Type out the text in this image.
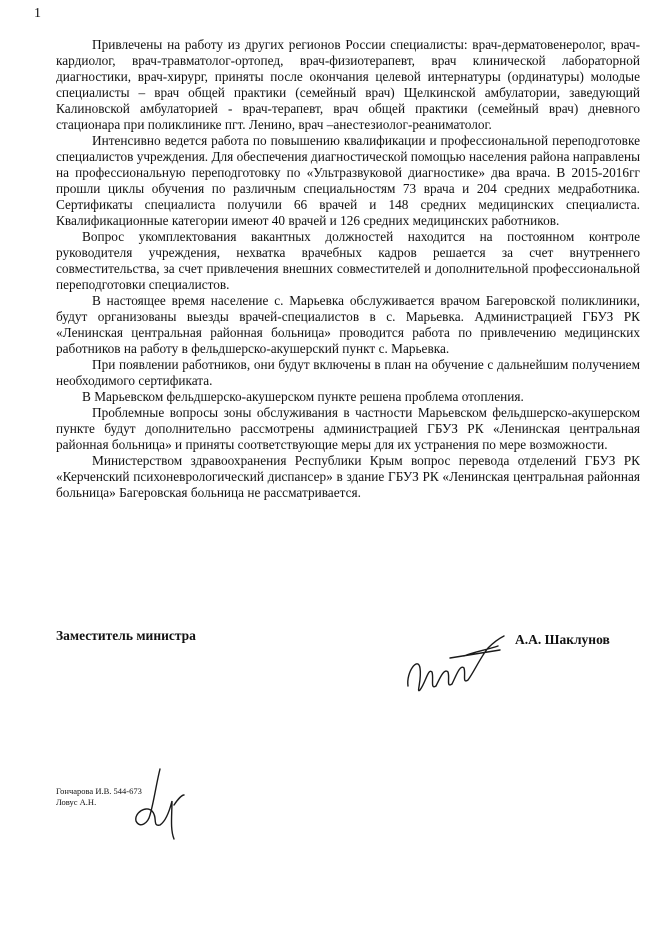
1

Привлечены на работу из других регионов России специалисты: врач-дерматовенеролог, врач-кардиолог, врач-травматолог-ортопед, врач-физиотерапевт, врач клинической лабораторной диагностики, врач-хирург, приняты после окончания целевой интернатуры (ординатуры) молодые специалисты – врач общей практики (семейный врач) Щелкинской амбулатории, заведующий Калиновской амбулаторией - врач-терапевт, врач общей практики (семейный врач) дневного стационара при поликлинике пгт. Ленино, врач –анестезиолог-реаниматолог.

Интенсивно ведется работа по повышению квалификации и профессиональной переподготовке специалистов учреждения. Для обеспечения диагностической помощью населения района направлены на профессиональную переподготовку по «Ультразвуковой диагностике» два врача. В 2015-2016гг прошли циклы обучения по различным специальностям 73 врача и 204 средних медработника. Сертификаты специалиста получили 66 врачей и 148 средних медицинских специалиста. Квалификационные категории имеют 40 врачей и 126 средних медицинских работников.

Вопрос укомплектования вакантных должностей находится на постоянном контроле руководителя учреждения, нехватка врачебных кадров решается за счет внутреннего совместительства, за счет привлечения внешних совместителей и дополнительной профессиональной переподготовки специалистов.

В настоящее время население с. Марьевка обслуживается врачом Багеровской поликлиники, будут организованы выезды врачей-специалистов в с. Марьевка. Администрацией ГБУЗ РК «Ленинская центральная районная больница» проводится работа по привлечению медицинских работников на работу в фельдшерско-акушерский пункт с. Марьевка.

При появлении работников, они будут включены в план на обучение с дальнейшим получением необходимого сертификата.

В Марьевском фельдшерско-акушерском пункте решена проблема отопления.

Проблемные вопросы зоны обслуживания в частности Марьевском фельдшерско-акушерском пункте будут дополнительно рассмотрены администрацией ГБУЗ РК «Ленинская центральная районная больница» и приняты соответствующие меры для их устранения по мере возможности.

Министерством здравоохранения Республики Крым вопрос перевода отделений ГБУЗ РК «Керченский психоневрологический диспансер» в здание ГБУЗ РК «Ленинская центральная районная больница» Багеровская больница не рассматривается.

Заместитель министра	А.А. Шаклунов
Гончарова И.В. 544-673
Ловус А.Н.
